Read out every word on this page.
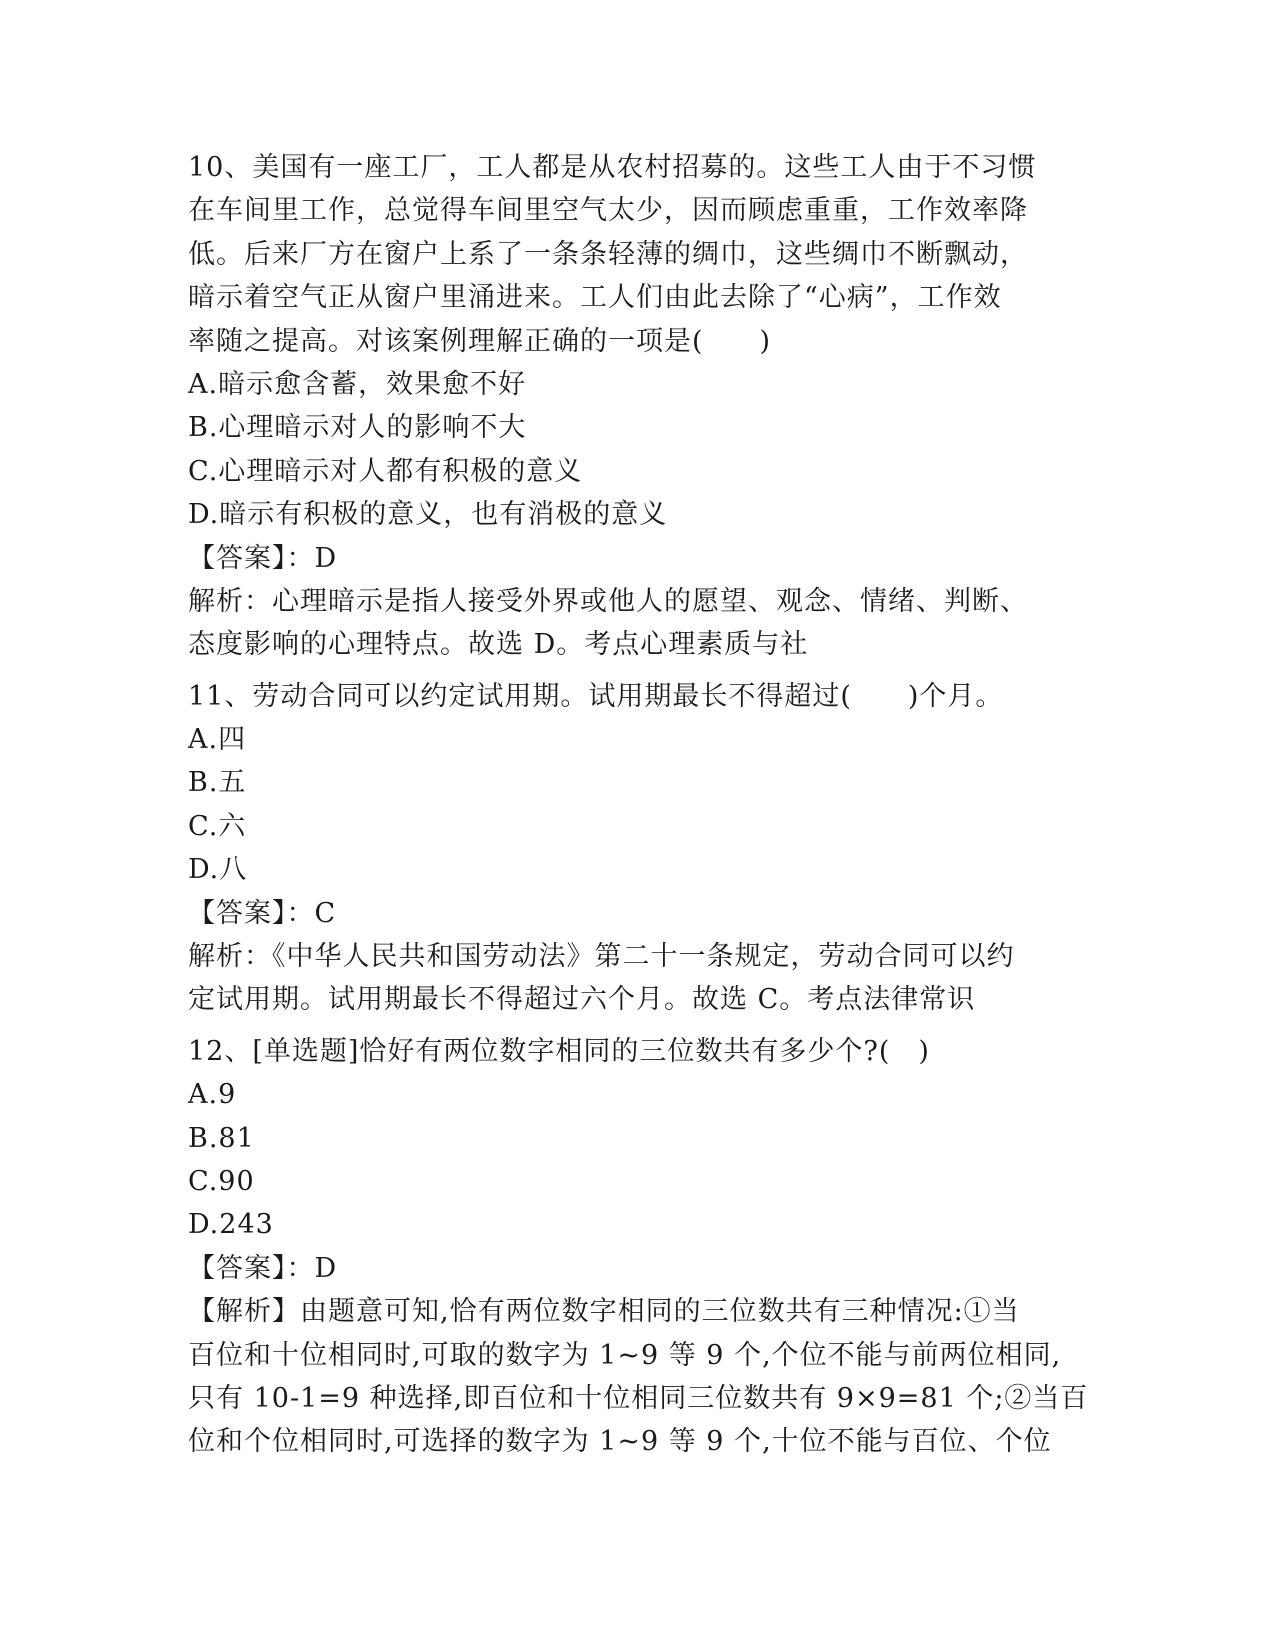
10、美国有一座工厂，工人都是从农村招募的。这些工人由于不习惯
在车间里工作，总觉得车间里空气太少，因而顾虑重重，工作效率降
低。后来厂方在窗户上系了一条条轻薄的绸巾，这些绸巾不断飘动，
暗示着空气正从窗户里涌进来。工人们由此去除了“心病”，工作效
率随之提高。对该案例理解正确的一项是(　　)
A.暗示愈含蓄，效果愈不好
B.心理暗示对人的影响不大
C.心理暗示对人都有积极的意义
D.暗示有积极的意义，也有消极的意义
【答案】：D
解析：心理暗示是指人接受外界或他人的愿望、观念、情绪、判断、
态度影响的心理特点。故选 D。考点心理素质与社
11、劳动合同可以约定试用期。试用期最长不得超过(　　)个月。
A.四
B.五
C.六
D.八
【答案】：C
解析：《中华人民共和国劳动法》第二十一条规定，劳动合同可以约
定试用期。试用期最长不得超过六个月。故选 C。考点法律常识
12、[单选题]恰好有两位数字相同的三位数共有多少个?(　)
A.9
B.81
C.90
D.243
【答案】：D
【解析】由题意可知,恰有两位数字相同的三位数共有三种情况:①当
百位和十位相同时,可取的数字为 1~9 等 9 个,个位不能与前两位相同,
只有 10-1=9 种选择,即百位和十位相同三位数共有 9×9=81 个;②当百
位和个位相同时,可选择的数字为 1~9 等 9 个,十位不能与百位、个位
